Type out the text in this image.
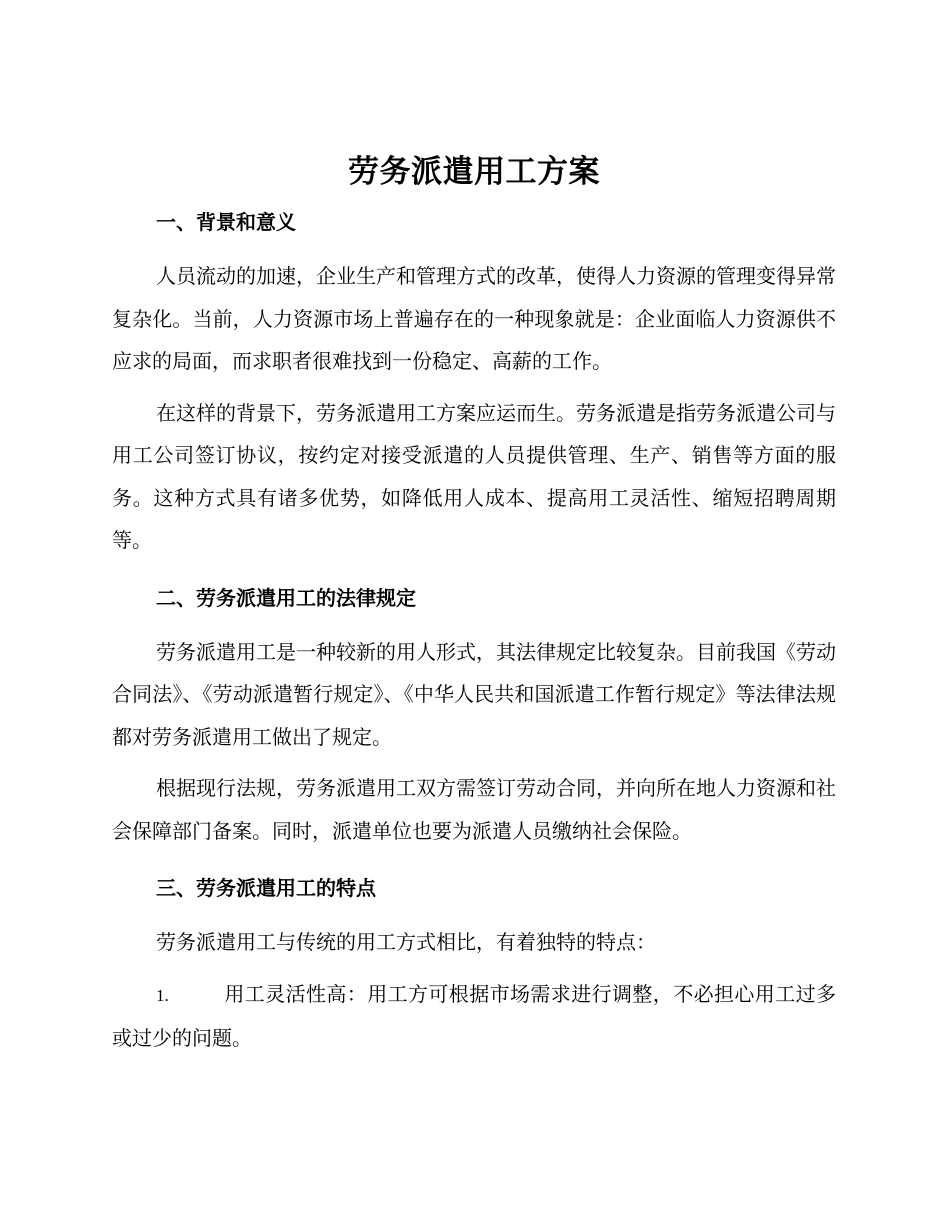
劳务派遣用工方案
一、背景和意义

人员流动的加速，企业生产和管理方式的改革，使得人力资源的管理变得异常复杂化。当前，人力资源市场上普遍存在的一种现象就是：企业面临人力资源供不应求的局面，而求职者很难找到一份稳定、高薪的工作。

在这样的背景下，劳务派遣用工方案应运而生。劳务派遣是指劳务派遣公司与用工公司签订协议，按约定对接受派遣的人员提供管理、生产、销售等方面的服务。这种方式具有诸多优势，如降低用人成本、提高用工灵活性、缩短招聘周期等。

二、劳务派遣用工的法律规定

劳务派遣用工是一种较新的用人形式，其法律规定比较复杂。目前我国《劳动合同法》、《劳动派遣暂行规定》、《中华人民共和国派遣工作暂行规定》等法律法规都对劳务派遣用工做出了规定。

根据现行法规，劳务派遣用工双方需签订劳动合同，并向所在地人力资源和社会保障部门备案。同时，派遣单位也要为派遣人员缴纳社会保险。

三、劳务派遣用工的特点

劳务派遣用工与传统的用工方式相比，有着独特的特点：

1.	用工灵活性高：用工方可根据市场需求进行调整，不必担心用工过多或过少的问题。
